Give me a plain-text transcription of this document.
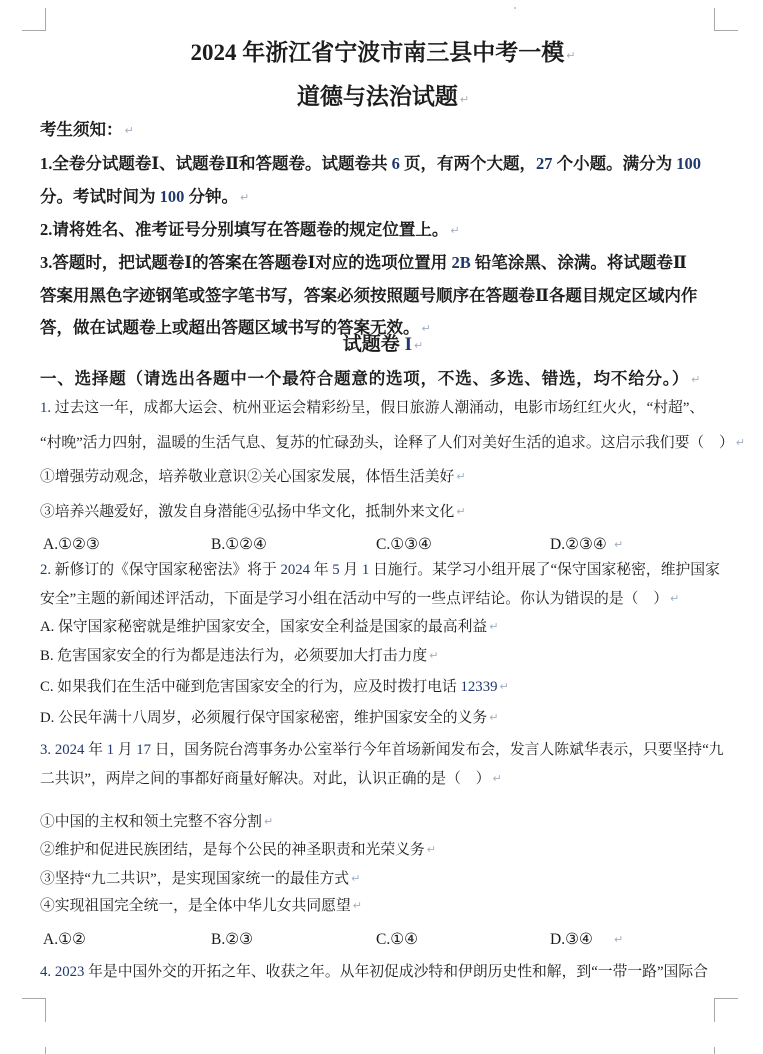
2024 年浙江省宁波市南三县中考一模 ↵
道德与法治试题 ↵
考生须知： ↵
1.全卷分试题卷Ⅰ、试题卷Ⅱ和答题卷。试题卷共 6 页，有两个大题，27 个小题。满分为 100
分。考试时间为 100 分钟。 ↵
2.请将姓名、准考证号分别填写在答题卷的规定位置上。 ↵
3.答题时，把试题卷Ⅰ的答案在答题卷Ⅰ对应的选项位置用 2B 铅笔涂黑、涂满。将试题卷Ⅱ
答案用黑色字迹钢笔或签字笔书写，答案必须按照题号顺序在答题卷Ⅱ各题目规定区域内作
答，做在试题卷上或超出答题区域书写的答案无效。 ↵
试题卷 I ↵
一、选择题（请选出各题中一个最符合题意的选项，不选、多选、错选，均不给分。） ↵
1. 过去这一年，成都大运会、杭州亚运会精彩纷呈，假日旅游人潮涌动，电影市场红红火火，“村超”、
“村晚”活力四射，温暖的生活气息、复苏的忙碌劲头，诠释了人们对美好生活的追求。这启示我们要（　） ↵
①增强劳动观念，培养敬业意识②关心国家发展，体悟生活美好 ↵
③培养兴趣爱好，激发自身潜能④弘扬中华文化，抵制外来文化 ↵
A.①②③	B.①②④	C.①③④	D.②③④ ↵
2. 新修订的《保守国家秘密法》将于 2024 年 5 月 1 日施行。某学习小组开展了“保守国家秘密，维护国家
安全”主题的新闻述评活动，下面是学习小组在活动中写的一些点评结论。你认为错误的是（　） ↵
A. 保守国家秘密就是维护国家安全，国家安全利益是国家的最高利益 ↵
B. 危害国家安全的行为都是违法行为，必须要加大打击力度 ↵
C. 如果我们在生活中碰到危害国家安全的行为，应及时拨打电话 12339 ↵
D. 公民年满十八周岁，必须履行保守国家秘密，维护国家安全的义务 ↵
3. 2024 年 1 月 17 日，国务院台湾事务办公室举行今年首场新闻发布会，发言人陈斌华表示，只要坚持“九
二共识”，两岸之间的事都好商量好解决。对此，认识正确的是（　） ↵
①中国的主权和领土完整不容分割 ↵
②维护和促进民族团结，是每个公民的神圣职责和光荣义务 ↵
③坚持“九二共识”，是实现国家统一的最佳方式 ↵
④实现祖国完全统一，是全体中华儿女共同愿望 ↵
A.①②	B.②③	C.①④	D.③④ ↵
4. 2023 年是中国外交的开拓之年、收获之年。从年初促成沙特和伊朗历史性和解，到“一带一路”国际合
